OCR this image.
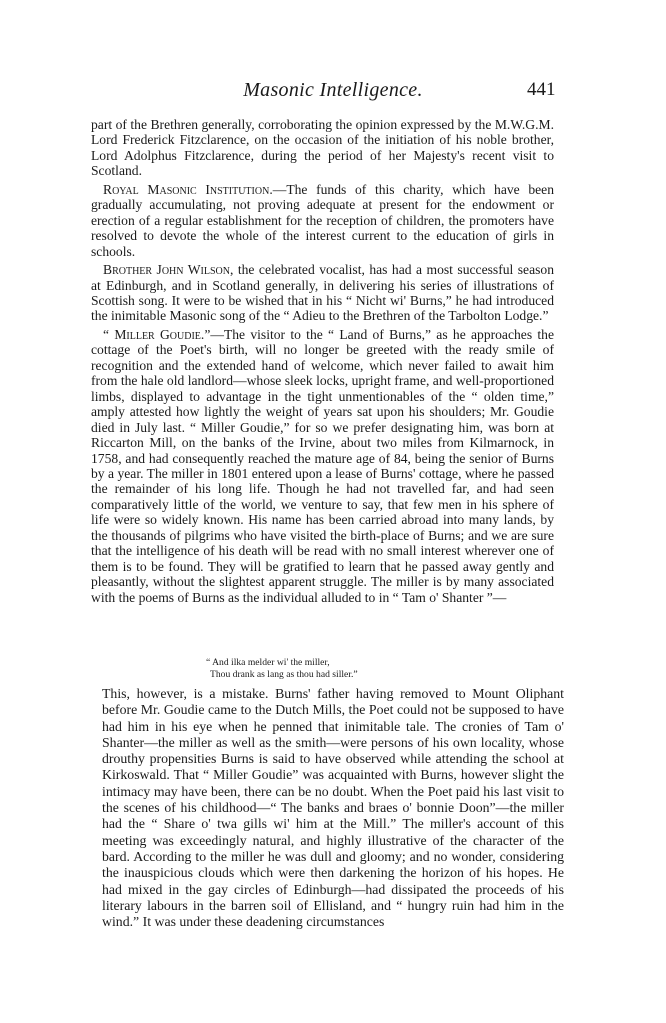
Masonic Intelligence.	441

part of the Brethren generally, corroborating the opinion expressed by the M.W.G.M. Lord Frederick Fitzclarence, on the occasion of the initiation of his noble brother, Lord Adolphus Fitzclarence, during the period of her Majesty's recent visit to Scotland.

Royal Masonic Institution.—The funds of this charity, which have been gradually accumulating, not proving adequate at present for the endowment or erection of a regular establishment for the reception of children, the promoters have resolved to devote the whole of the interest current to the education of girls in schools.

Brother John Wilson, the celebrated vocalist, has had a most successful season at Edinburgh, and in Scotland generally, in delivering his series of illustrations of Scottish song. It were to be wished that in his “ Nicht wi' Burns,” he had introduced the inimitable Masonic song of the “ Adieu to the Brethren of the Tarbolton Lodge.”

“ Miller Goudie.”—The visitor to the “ Land of Burns,” as he approaches the cottage of the Poet's birth, will no longer be greeted with the ready smile of recognition and the extended hand of welcome, which never failed to await him from the hale old landlord—whose sleek locks, upright frame, and well-proportioned limbs, displayed to advantage in the tight unmentionables of the “ olden time,” amply attested how lightly the weight of years sat upon his shoulders; Mr. Goudie died in July last. “ Miller Goudie,” for so we prefer designating him, was born at Riccarton Mill, on the banks of the Irvine, about two miles from Kilmarnock, in 1758, and had consequently reached the mature age of 84, being the senior of Burns by a year. The miller in 1801 entered upon a lease of Burns' cottage, where he passed the remainder of his long life. Though he had not travelled far, and had seen comparatively little of the world, we venture to say, that few men in his sphere of life were so widely known. His name has been carried abroad into many lands, by the thousands of pilgrims who have visited the birth-place of Burns; and we are sure that the intelligence of his death will be read with no small interest wherever one of them is to be found. They will be gratified to learn that he passed away gently and pleasantly, without the slightest apparent struggle. The miller is by many associated with the poems of Burns as the individual alluded to in “ Tam o' Shanter ”—

“ And ilka melder wi' the miller,
Thou drank as lang as thou had siller.”

This, however, is a mistake. Burns' father having removed to Mount Oliphant before Mr. Goudie came to the Dutch Mills, the Poet could not be supposed to have had him in his eye when he penned that inimitable tale. The cronies of Tam o' Shanter—the miller as well as the smith—were persons of his own locality, whose drouthy propensities Burns is said to have observed while attending the school at Kirkoswald. That “ Miller Goudie” was acquainted with Burns, however slight the intimacy may have been, there can be no doubt. When the Poet paid his last visit to the scenes of his childhood—“ The banks and braes o' bonnie Doon”—the miller had the “ Share o' twa gills wi' him at the Mill.” The miller's account of this meeting was exceedingly natural, and highly illustrative of the character of the bard. According to the miller he was dull and gloomy; and no wonder, considering the inauspicious clouds which were then darkening the horizon of his hopes. He had mixed in the gay circles of Edinburgh—had dissipated the proceeds of his literary labours in the barren soil of Ellisland, and “ hungry ruin had him in the wind.” It was under these deadening circumstances
